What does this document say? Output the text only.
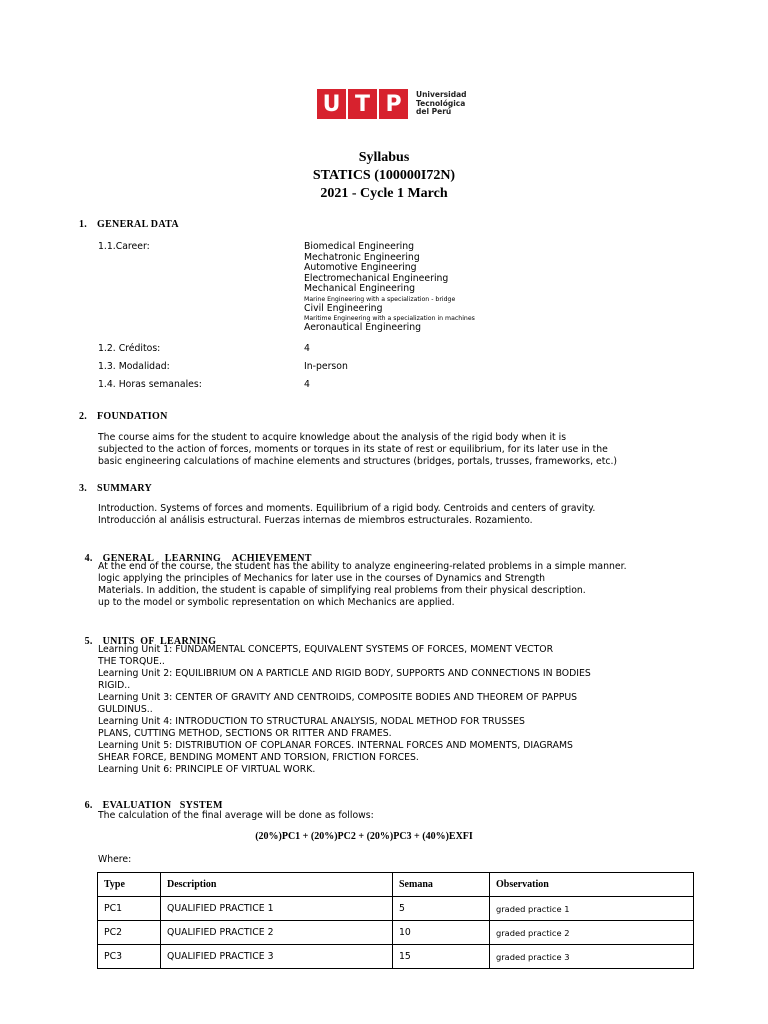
U T P	Universidad
Tecnológica
del Perú
Syllabus
STATICS (100000I72N)
2021 - Cycle 1 March
1. GENERAL DATA
1.1.Career:	Biomedical Engineering
Mechatronic Engineering
Automotive Engineering
Electromechanical Engineering
Mechanical Engineering
Marine Engineering with a specialization - bridge
Civil Engineering
Maritime Engineering with a specialization in machines
Aeronautical Engineering
1.2. Créditos:	4
1.3. Modalidad:	In-person
1.4. Horas semanales:	4
2. FOUNDATION
The course aims for the student to acquire knowledge about the analysis of the rigid body when it is
subjected to the action of forces, moments or torques in its state of rest or equilibrium, for its later use in the
basic engineering calculations of machine elements and structures (bridges, portals, trusses, frameworks, etc.)
3. SUMMARY
Introduction. Systems of forces and moments. Equilibrium of a rigid body. Centroids and centers of gravity.
Introducción al análisis estructural. Fuerzas internas de miembros estructurales. Rozamiento.

4. GENERAL    LEARNING    ACHIEVEMENT

At the end of the course, the student has the ability to analyze engineering-related problems in a simple manner.
logic applying the principles of Mechanics for later use in the courses of Dynamics and Strength
Materials. In addition, the student is capable of simplifying real problems from their physical description.
up to the model or symbolic representation on which Mechanics are applied.

5. UNITS  OF  LEARNING

Learning Unit 1: FUNDAMENTAL CONCEPTS, EQUIVALENT SYSTEMS OF FORCES, MOMENT VECTOR
THE TORQUE..
Learning Unit 2: EQUILIBRIUM ON A PARTICLE AND RIGID BODY, SUPPORTS AND CONNECTIONS IN BODIES
RIGID..
Learning Unit 3: CENTER OF GRAVITY AND CENTROIDS, COMPOSITE BODIES AND THEOREM OF PAPPUS
GULDINUS..
Learning Unit 4: INTRODUCTION TO STRUCTURAL ANALYSIS, NODAL METHOD FOR TRUSSES
PLANS, CUTTING METHOD, SECTIONS OR RITTER AND FRAMES.
Learning Unit 5: DISTRIBUTION OF COPLANAR FORCES. INTERNAL FORCES AND MOMENTS, DIAGRAMS
SHEAR FORCE, BENDING MOMENT AND TORSION, FRICTION FORCES.
Learning Unit 6: PRINCIPLE OF VIRTUAL WORK.

6. EVALUATION   SYSTEM

The calculation of the final average will be done as follows:
(20%)PC1 + (20%)PC2 + (20%)PC3 + (40%)EXFI
Where:
Type	Description	Semana	Observation
PC1	QUALIFIED PRACTICE 1	5	graded practice 1
PC2	QUALIFIED PRACTICE 2	10	graded practice 2
PC3	QUALIFIED PRACTICE 3	15	graded practice 3
